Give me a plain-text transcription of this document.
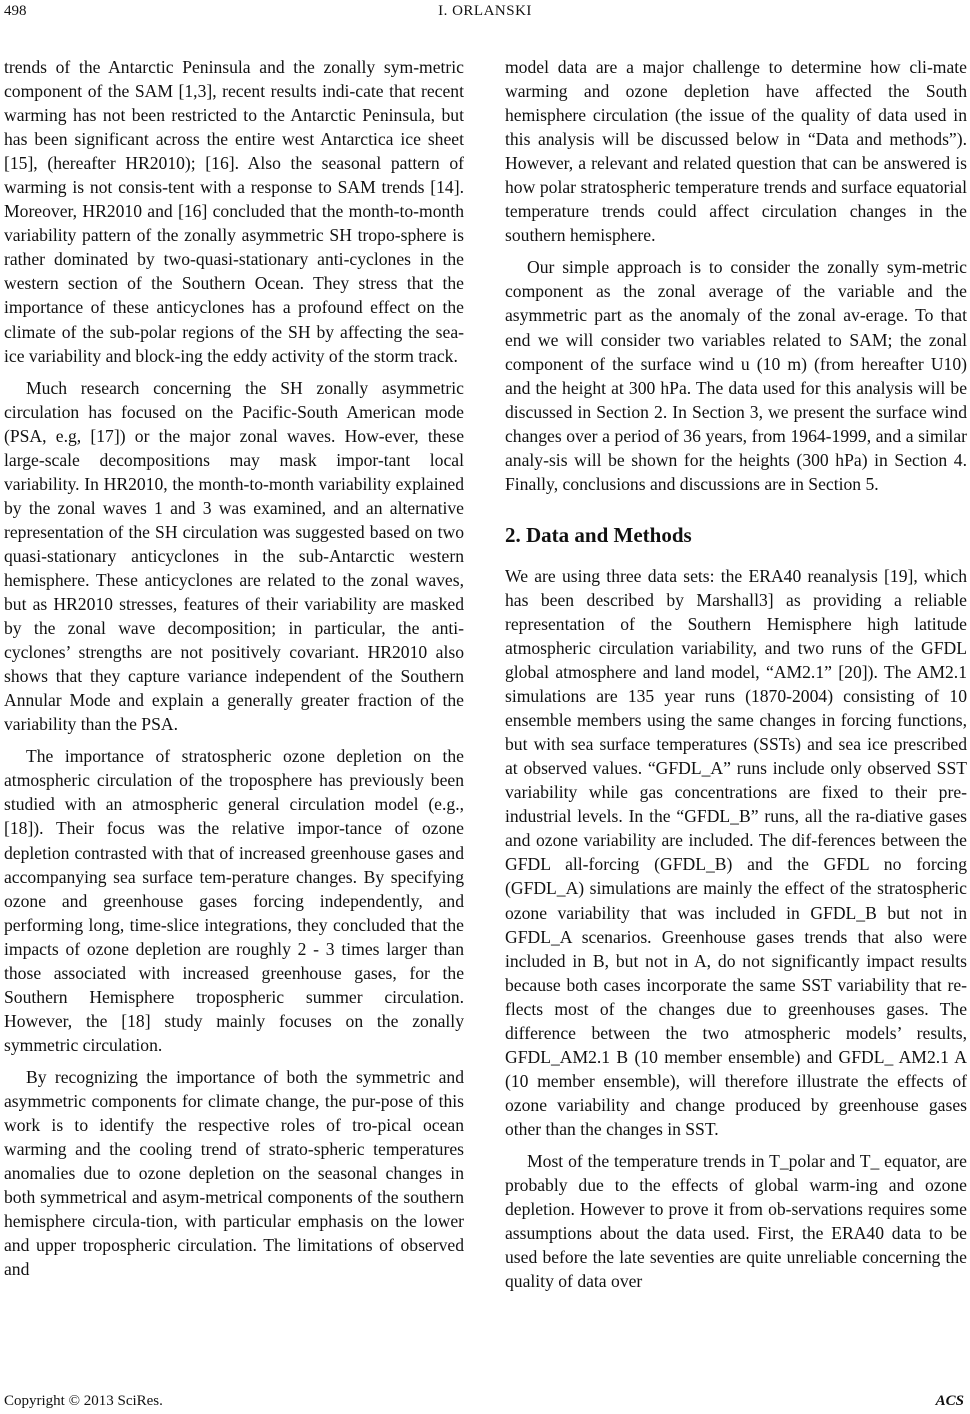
498	I. ORLANSKI

trends of the Antarctic Peninsula and the zonally sym-metric component of the SAM [1,3], recent results indi-cate that recent warming has not been restricted to the Antarctic Peninsula, but has been significant across the entire west Antarctica ice sheet [15], (hereafter HR2010); [16]. Also the seasonal pattern of warming is not consis-tent with a response to SAM trends [14]. Moreover, HR2010 and [16] concluded that the month-to-month variability pattern of the zonally asymmetric SH tropo-sphere is rather dominated by two-quasi-stationary anti-cyclones in the western section of the Southern Ocean. They stress that the importance of these anticyclones has a profound effect on the climate of the sub-polar regions of the SH by affecting the sea-ice variability and block-ing the eddy activity of the storm track.

Much research concerning the SH zonally asymmetric circulation has focused on the Pacific-South American mode (PSA, e.g, [17]) or the major zonal waves. How-ever, these large-scale decompositions may mask impor-tant local variability. In HR2010, the month-to-month variability explained by the zonal waves 1 and 3 was examined, and an alternative representation of the SH circulation was suggested based on two quasi-stationary anticyclones in the sub-Antarctic western hemisphere. These anticyclones are related to the zonal waves, but as HR2010 stresses, features of their variability are masked by the zonal wave decomposition; in particular, the anti-cyclones’ strengths are not positively covariant. HR2010 also shows that they capture variance independent of the Southern Annular Mode and explain a generally greater fraction of the variability than the PSA.

The importance of stratospheric ozone depletion on the atmospheric circulation of the troposphere has previously been studied with an atmospheric general circulation model (e.g., [18]). Their focus was the relative impor-tance of ozone depletion contrasted with that of increased greenhouse gases and accompanying sea surface tem-perature changes. By specifying ozone and greenhouse gases forcing independently, and performing long, time-slice integrations, they concluded that the impacts of ozone depletion are roughly 2 - 3 times larger than those associated with increased greenhouse gases, for the Southern Hemisphere tropospheric summer circulation. However, the [18] study mainly focuses on the zonally symmetric circulation.

By recognizing the importance of both the symmetric and asymmetric components for climate change, the pur-pose of this work is to identify the respective roles of tro-pical ocean warming and the cooling trend of strato-spheric temperatures anomalies due to ozone depletion on the seasonal changes in both symmetrical and asym-metrical components of the southern hemisphere circula-tion, with particular emphasis on the lower and upper tropospheric circulation. The limitations of observed and

model data are a major challenge to determine how cli-mate warming and ozone depletion have affected the South hemisphere circulation (the issue of the quality of data used in this analysis will be discussed below in “Data and methods”). However, a relevant and related question that can be answered is how polar stratospheric temperature trends and surface equatorial temperature trends could affect circulation changes in the southern hemisphere.

Our simple approach is to consider the zonally sym-metric component as the zonal average of the variable and the asymmetric part as the anomaly of the zonal av-erage. To that end we will consider two variables related to SAM; the zonal component of the surface wind u (10 m) (from hereafter U10) and the height at 300 hPa. The data used for this analysis will be discussed in Section 2. In Section 3, we present the surface wind changes over a period of 36 years, from 1964-1999, and a similar analy-sis will be shown for the heights (300 hPa) in Section 4. Finally, conclusions and discussions are in Section 5.

2. Data and Methods

We are using three data sets: the ERA40 reanalysis [19], which has been described by Marshall3] as providing a reliable representation of the Southern Hemisphere high latitude atmospheric circulation variability, and two runs of the GFDL global atmosphere and land model, “AM2.1” [20]). The AM2.1 simulations are 135 year runs (1870-2004) consisting of 10 ensemble members using the same changes in forcing functions, but with sea surface temperatures (SSTs) and sea ice prescribed at observed values. “GFDL_A” runs include only observed SST variability while gas concentrations are fixed to their pre-industrial levels. In the “GFDL_B” runs, all the ra-diative gases and ozone variability are included. The dif-ferences between the GFDL all-forcing (GFDL_B) and the GFDL no forcing (GFDL_A) simulations are mainly the effect of the stratospheric ozone variability that was included in GFDL_B but not in GFDL_A scenarios. Greenhouse gases trends that also were included in B, but not in A, do not significantly impact results because both cases incorporate the same SST variability that re-flects most of the changes due to greenhouses gases. The difference between the two atmospheric models’ results, GFDL_AM2.1 B (10 member ensemble) and GFDL_ AM2.1 A (10 member ensemble), will therefore illustrate the effects of ozone variability and change produced by greenhouse gases other than the changes in SST.

Most of the temperature trends in T_polar and T_ equator, are probably due to the effects of global warm-ing and ozone depletion. However to prove it from ob-servations requires some assumptions about the data used. First, the ERA40 data to be used before the late seventies are quite unreliable concerning the quality of data over

Copyright © 2013 SciRes.	ACS
